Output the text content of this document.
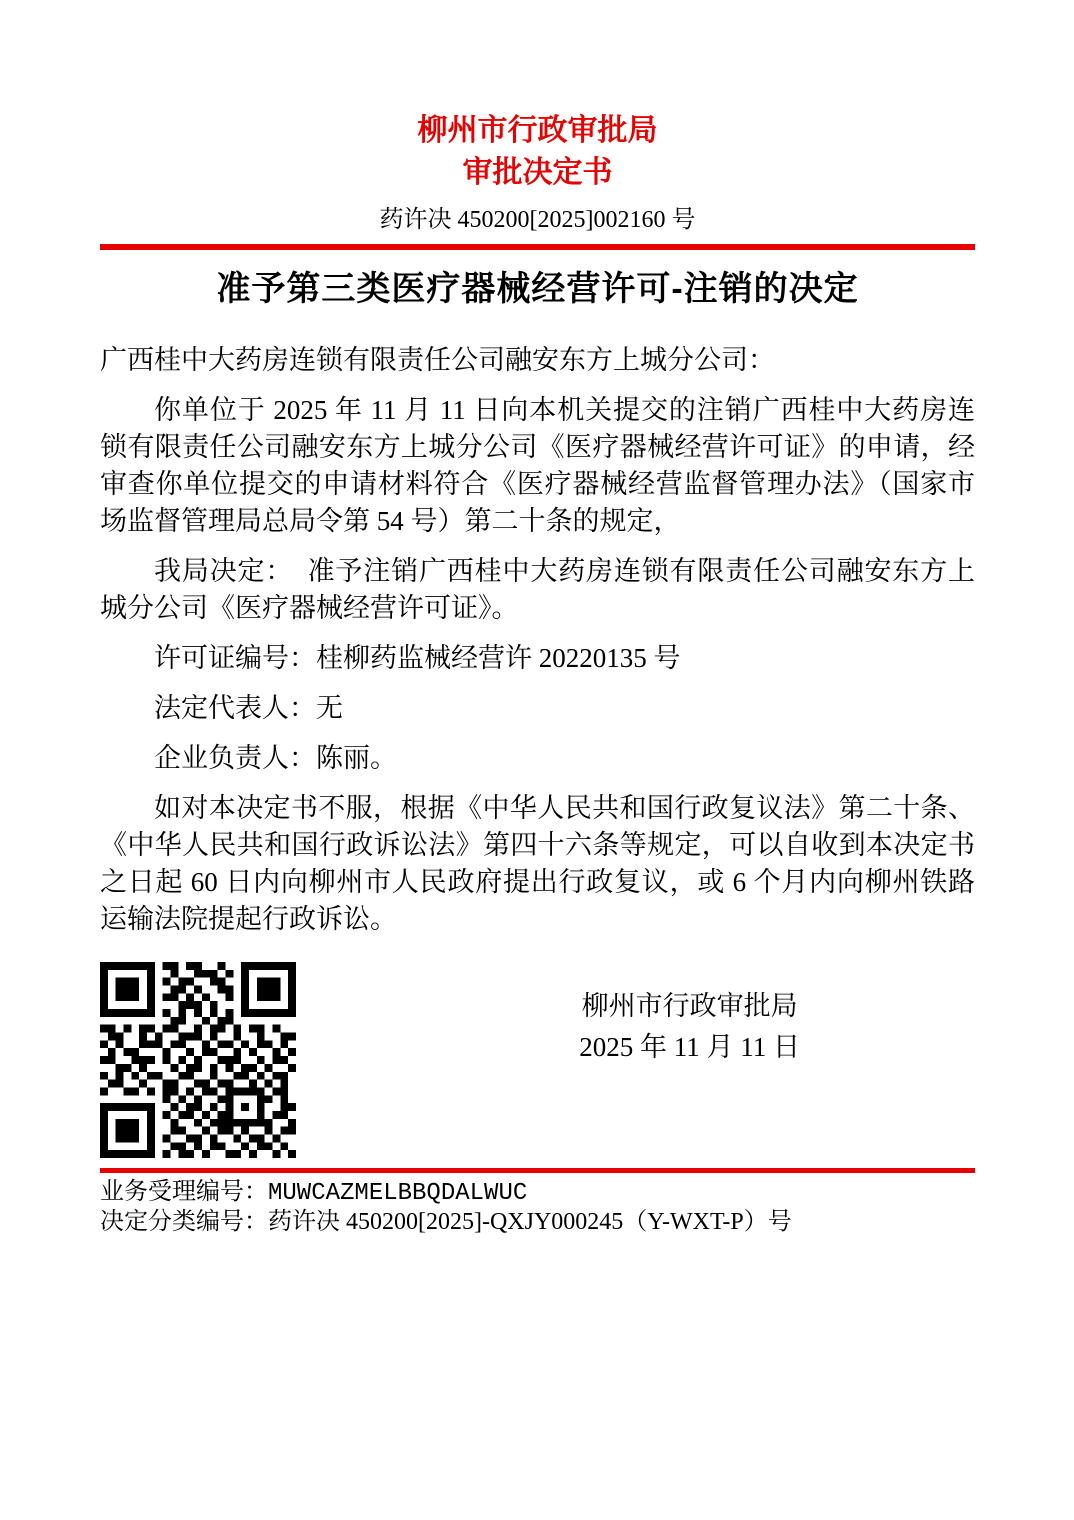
柳州市行政审批局
审批决定书
药许决 450200[2025]002160 号
准予第三类医疗器械经营许可-注销的决定

广西桂中大药房连锁有限责任公司融安东方上城分公司：

你单位于 2025 年 11 月 11 日向本机关提交的注销广西桂中大药房连锁有限责任公司融安东方上城分公司《医疗器械经营许可证》的申请，经审查你单位提交的申请材料符合《医疗器械经营监督管理办法》（国家市场监督管理局总局令第 54 号）第二十条的规定，

我局决定：　准予注销广西桂中大药房连锁有限责任公司融安东方上城分公司《医疗器械经营许可证》。

许可证编号：桂柳药监械经营许 20220135 号

法定代表人：无

企业负责人：陈丽。

如对本决定书不服，根据《中华人民共和国行政复议法》第二十条、《中华人民共和国行政诉讼法》第四十六条等规定，可以自收到本决定书之日起 60 日内向柳州市人民政府提出行政复议，或 6 个月内向柳州铁路运输法院提起行政诉讼。

柳州市行政审批局
2025 年 11 月 11 日
业务受理编号：MUWCAZMELBBQDALWUC
决定分类编号：药许决 450200[2025]-QXJY000245（Y-WXT-P）号
